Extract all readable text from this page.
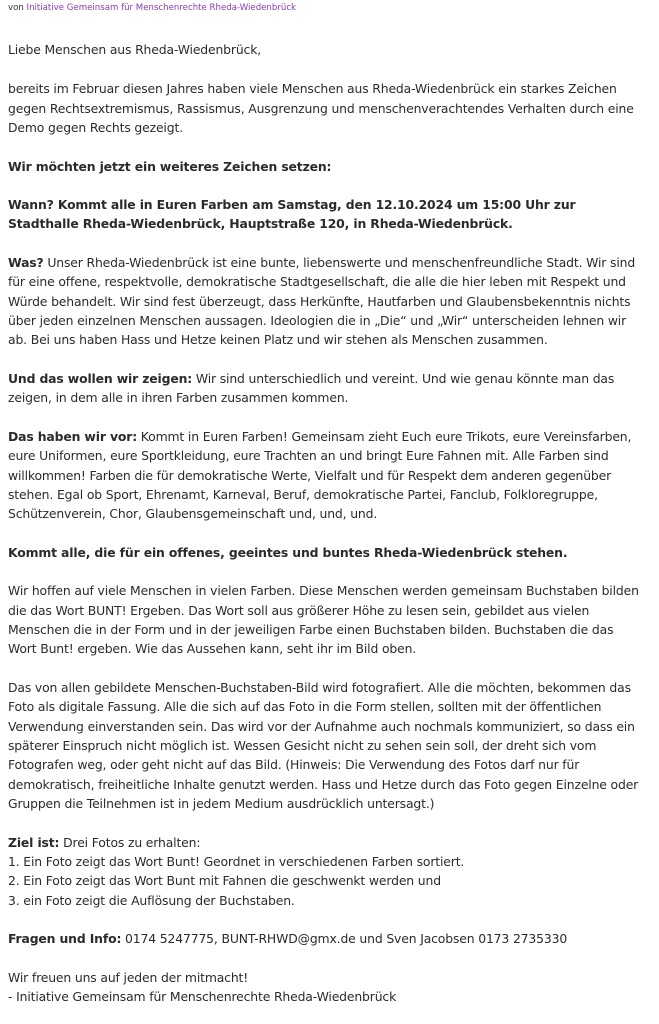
von Initiative Gemeinsam für Menschenrechte Rheda-Wiedenbrück

Liebe Menschen aus Rheda-Wiedenbrück,

bereits im Februar diesen Jahres haben viele Menschen aus Rheda-Wiedenbrück ein starkes Zeichen gegen Rechtsextremismus, Rassismus, Ausgrenzung und menschenverachtendes Verhalten durch eine Demo gegen Rechts gezeigt.

Wir möchten jetzt ein weiteres Zeichen setzen:

Wann? Kommt alle in Euren Farben am Samstag, den 12.10.2024 um 15:00 Uhr zur Stadthalle Rheda-Wiedenbrück, Hauptstraße 120, in Rheda-Wiedenbrück.

Was? Unser Rheda-Wiedenbrück ist eine bunte, liebenswerte und menschenfreundliche Stadt. Wir sind für eine offene, respektvolle, demokratische Stadtgesellschaft, die alle die hier leben mit Respekt und Würde behandelt. Wir sind fest überzeugt, dass Herkünfte, Hautfarben und Glaubensbekenntnis nichts über jeden einzelnen Menschen aussagen. Ideologien die in „Die“ und „Wir“ unterscheiden lehnen wir ab. Bei uns haben Hass und Hetze keinen Platz und wir stehen als Menschen zusammen.

Und das wollen wir zeigen: Wir sind unterschiedlich und vereint. Und wie genau könnte man das zeigen, in dem alle in ihren Farben zusammen kommen.

Das haben wir vor: Kommt in Euren Farben! Gemeinsam zieht Euch eure Trikots, eure Vereinsfarben, eure Uniformen, eure Sportkleidung, eure Trachten an und bringt Eure Fahnen mit. Alle Farben sind willkommen! Farben die für demokratische Werte, Vielfalt und für Respekt dem anderen gegenüber stehen. Egal ob Sport, Ehrenamt, Karneval, Beruf, demokratische Partei, Fanclub, Folkloregruppe, Schützenverein, Chor, Glaubensgemeinschaft und, und, und.

Kommt alle, die für ein offenes, geeintes und buntes Rheda-Wiedenbrück stehen.

Wir hoffen auf viele Menschen in vielen Farben. Diese Menschen werden gemeinsam Buchstaben bilden die das Wort BUNT! Ergeben. Das Wort soll aus größerer Höhe zu lesen sein, gebildet aus vielen Menschen die in der Form und in der jeweiligen Farbe einen Buchstaben bilden. Buchstaben die das Wort Bunt! ergeben. Wie das Aussehen kann, seht ihr im Bild oben.

Das von allen gebildete Menschen-Buchstaben-Bild wird fotografiert. Alle die möchten, bekommen das Foto als digitale Fassung. Alle die sich auf das Foto in die Form stellen, sollten mit der öffentlichen Verwendung einverstanden sein. Das wird vor der Aufnahme auch nochmals kommuniziert, so dass ein späterer Einspruch nicht möglich ist. Wessen Gesicht nicht zu sehen sein soll, der dreht sich vom Fotografen weg, oder geht nicht auf das Bild. (Hinweis: Die Verwendung des Fotos darf nur für demokratisch, freiheitliche Inhalte genutzt werden. Hass und Hetze durch das Foto gegen Einzelne oder Gruppen die Teilnehmen ist in jedem Medium ausdrücklich untersagt.)

Ziel ist: Drei Fotos zu erhalten:

1. Ein Foto zeigt das Wort Bunt! Geordnet in verschiedenen Farben sortiert.
2. Ein Foto zeigt das Wort Bunt mit Fahnen die geschwenkt werden und
3. ein Foto zeigt die Auflösung der Buchstaben.

Fragen und Info: 0174 5247775, BUNT-RHWD@gmx.de und Sven Jacobsen 0173 2735330

Wir freuen uns auf jeden der mitmacht!

- Initiative Gemeinsam für Menschenrechte Rheda-Wiedenbrück
